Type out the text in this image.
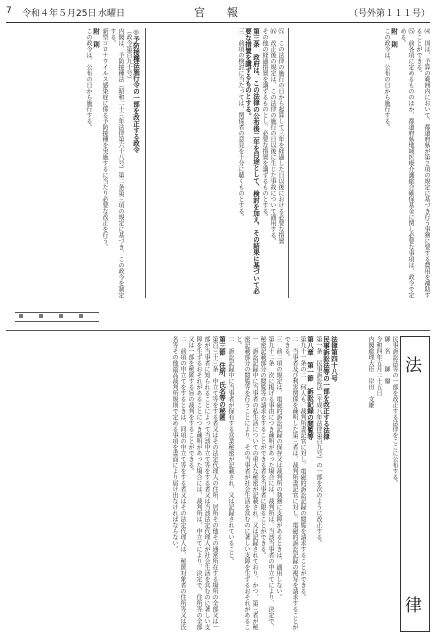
7 令和４年５月25日 水曜日	官　　報	（号外第１１１号）
⑷　国は、予算の範囲内において、都道府県が第２項の規定に基づき行う事務に要する費用を補助することができる。
⑸　前各項に定めるもののほか、都道府県地域医療介護総合確保基金に関し必要な事項は、政令で定める。
附　則
この政令は、公布の日から施行する。
⑸　この法律の施行の日から起算して三年を経過した日以後における必要な措置
⑹　改正後の規定は、この法律の施行の日以後に生じた事故について適用する。
その他の経過措置を講ずるものとし、必要な措置を講ずるものとする。
第三条　政府は、この法律の公布後二年を目途として、検討を加え、その結果に基づいて必要な措置を講ずるものとする。
三　前項の検討に当たっては、関係者の意見を十分に聴くものとする。
◎予防接種法施行令の一部を改正する政令
（政令第百九十号）
内閣は、予防接種法（昭和二十三年法律第六十八号）第二条第三項の規定に基づき、この政令を制定する。
新型コロナウイルス感染症に係る予防接種を実施するに当たり必要な改正を行う。
附　則
この政令は、公布の日から施行する。
法
律
民事訴訟法等の一部を改正する法律をここに公布する。
御　名　　御　璽
令和四年五月二十五日
内閣総理大臣　岸田　文雄
法律第四十八号
民事訴訟法等の一部を改正する法律
第一条　民事訴訟法（平成八年法律第百九号）の一部を次のように改正する。
第八章　第一節　訴訟記録の閲覧等
第九十一条の二　何人も、裁判所書記官に対し、電磁的訴訟記録の閲覧を請求することができる。
二　当事者及び利害関係を疎明した第三者は、裁判所書記官に対し、電磁的訴訟記録の複写を請求することができる。
三　前二項の規定は、電磁的訴訟記録の保存又は裁判所の執務に支障があるときは、適用しない。
第九十二条　次に掲げる事由につき疎明があった場合には、裁判所は、当該当事者の申立てにより、決定で、秘密記載部分の閲覧等の請求をすることができる者を当事者に限ることができる。
一　訴訟記録中に当事者の私生活についての重大な秘密が記載され、又は記録されており、かつ、第三者が秘密記載部分の閲覧等を行うことにより、その当事者が社会生活を営むのに著しい支障を生ずるおそれがあること。
二　訴訟記録中に当事者が保有する営業秘密が記載され、又は記録されていること。
第三節　住所、氏名等の秘匿
第百三十三条　申立て等をする者又はその法定代理人の住所、居所その他その通常所在する場所の全部又は一部が当事者に知られることによって当該申立て等をする者又は当該法定代理人が社会生活を営むのに著しい支障を生ずるおそれがあることにつき疎明があった場合には、裁判所は、申立てにより、決定で、住所等の全部又は一部を秘匿する旨の裁判をすることができる。
二　前項の申立てをするときは、同項の申立て等をする者又はその法定代理人は、秘匿対象者の住所等又は氏名等その他最高裁判所規則で定める事項を書面により届け出なければならない。
